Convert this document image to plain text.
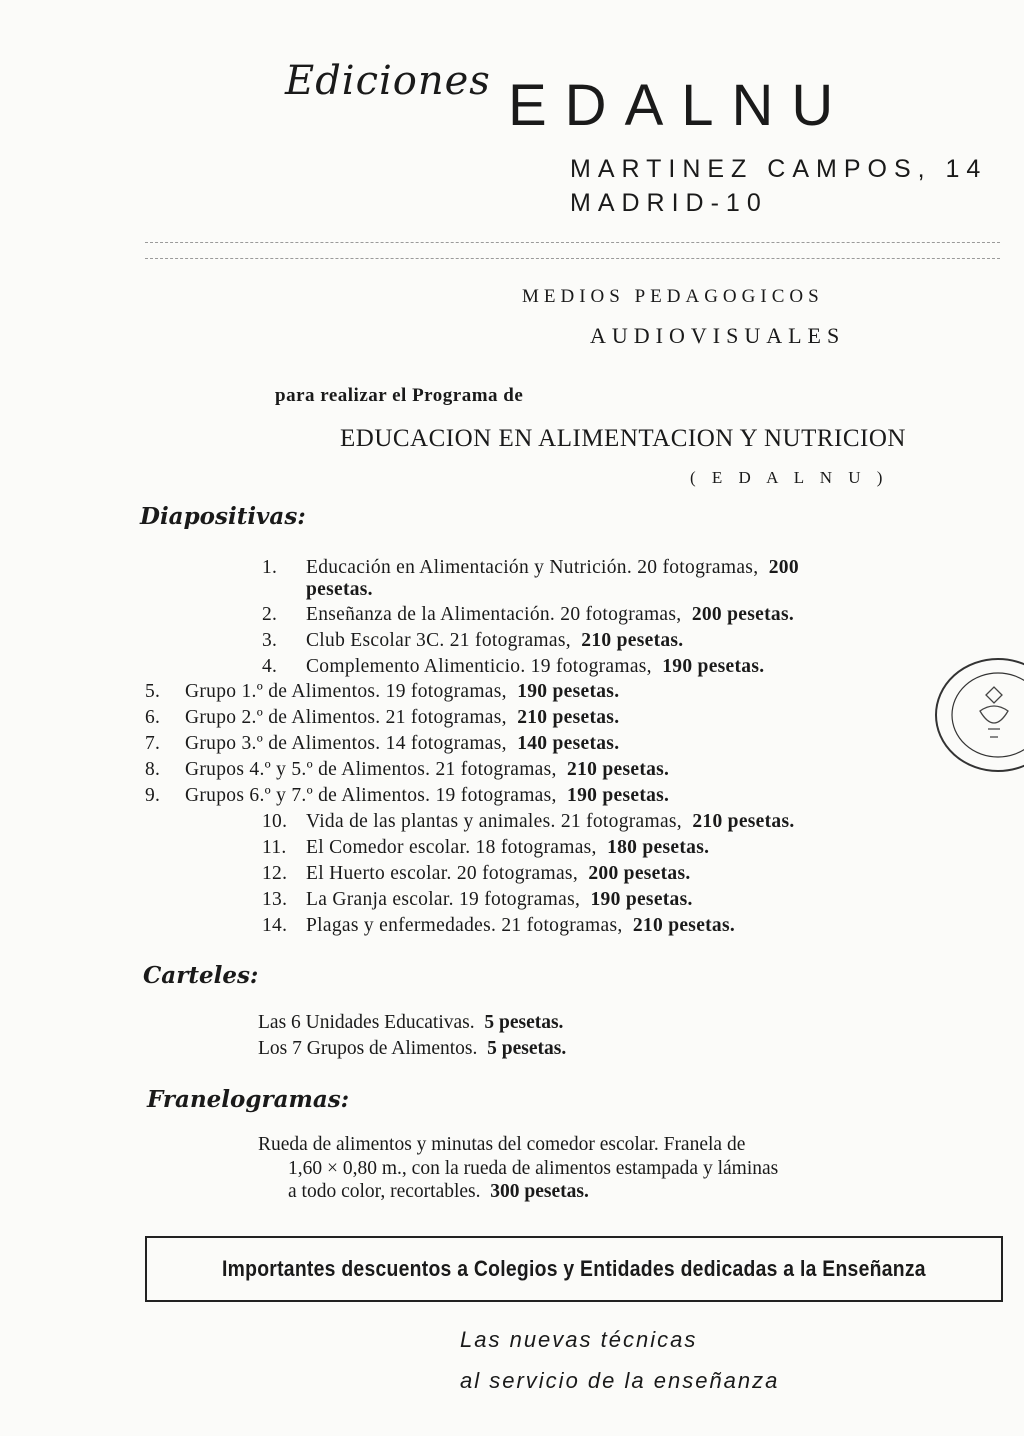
Ediciones EDALNU
MARTINEZ CAMPOS, 14
MADRID-10
MEDIOS PEDAGOGICOS
AUDIOVISUALES
para realizar el Programa de
EDUCACION EN ALIMENTACION Y NUTRICION
( E D A L N U )
Diapositivas:
1. Educación en Alimentación y Nutrición. 20 fotogramas, 200
pesetas.
2. Enseñanza de la Alimentación. 20 fotogramas, 200 pesetas.
3. Club Escolar 3C. 21 fotogramas, 210 pesetas.
4. Complemento Alimenticio. 19 fotogramas, 190 pesetas.
5. Grupo 1.º de Alimentos. 19 fotogramas, 190 pesetas.
6. Grupo 2.º de Alimentos. 21 fotogramas, 210 pesetas.
7. Grupo 3.º de Alimentos. 14 fotogramas, 140 pesetas.
8. Grupos 4.º y 5.º de Alimentos. 21 fotogramas, 210 pesetas.
9. Grupos 6.º y 7.º de Alimentos. 19 fotogramas, 190 pesetas.
10. Vida de las plantas y animales. 21 fotogramas, 210 pesetas.
11. El Comedor escolar. 18 fotogramas, 180 pesetas.
12. El Huerto escolar. 20 fotogramas, 200 pesetas.
13. La Granja escolar. 19 fotogramas, 190 pesetas.
14. Plagas y enfermedades. 21 fotogramas, 210 pesetas.
Carteles:
Las 6 Unidades Educativas. 5 pesetas.
Los 7 Grupos de Alimentos. 5 pesetas.
Franelogramas:
Rueda de alimentos y minutas del comedor escolar. Franela de
1,60 × 0,80 m., con la rueda de alimentos estampada y láminas
a todo color, recortables. 300 pesetas.
Importantes descuentos a Colegios y Entidades dedicadas a la Enseñanza
Las nuevas técnicas
al servicio de la enseñanza
